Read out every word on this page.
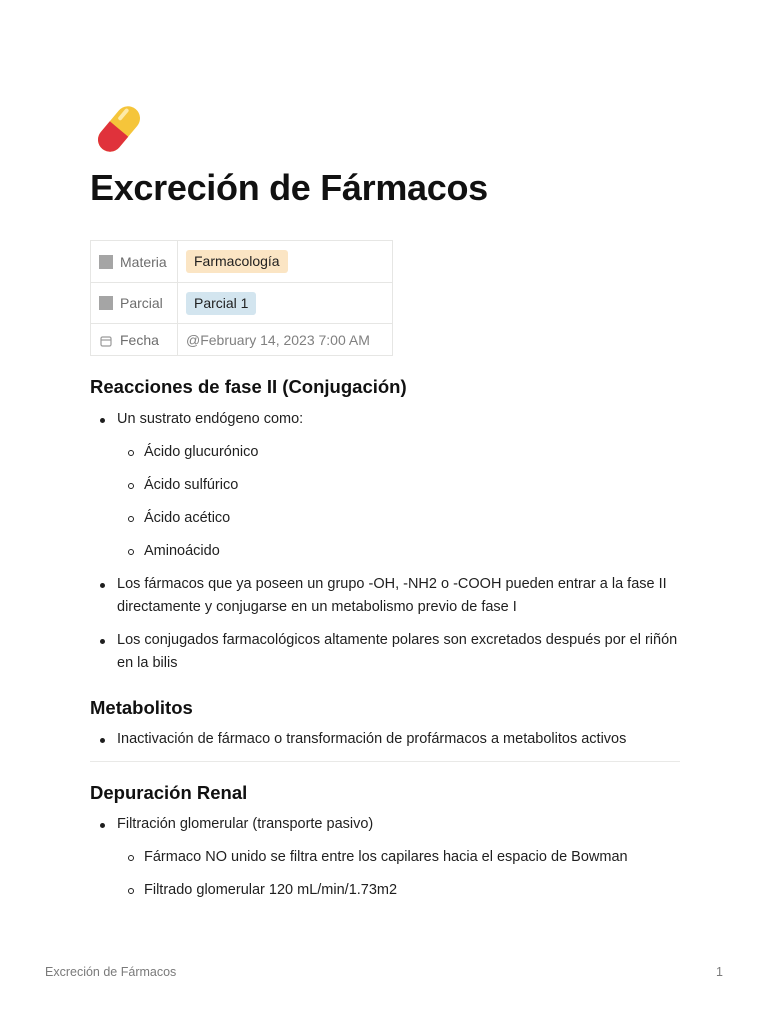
Excreción de Fármacos
Materia	Farmacología
Parcial	Parcial 1
Fecha	@February 14, 2023 7:00 AM
Reacciones de fase II (Conjugación)
Un sustrato endógeno como:
Ácido glucurónico
Ácido sulfúrico
Ácido acético
Aminoácido
Los fármacos que ya poseen un grupo -OH, -NH2 o -COOH pueden entrar a la fase II directamente y conjugarse en un metabolismo previo de fase I
Los conjugados farmacológicos altamente polares son excretados después por el riñón en la bilis
Metabolitos
Inactivación de fármaco o transformación de profármacos a metabolitos activos
Depuración Renal
Filtración glomerular (transporte pasivo)
Fármaco NO unido se filtra entre los capilares hacia el espacio de Bowman
Filtrado glomerular 120 mL/min/1.73m2
Excreción de Fármacos	1
